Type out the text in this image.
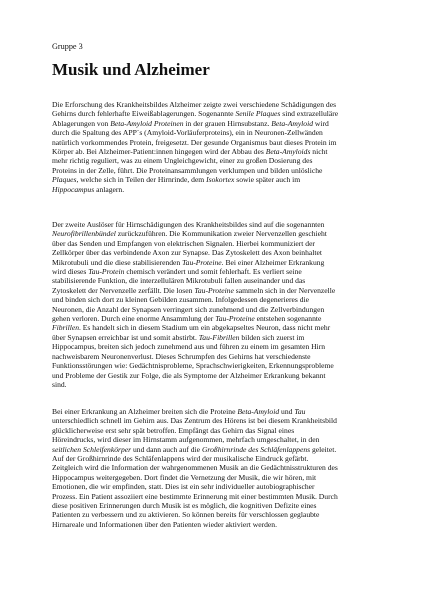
Gruppe 3
Musik und Alzheimer

Die Erforschung des Krankheitsbildes Alzheimer zeigte zwei verschiedene Schädigungen des
Gehirns durch fehlerhafte Eiweißablagerungen. Sogenannte Senile Plaques sind extrazelluläre
Ablagerungen von Beta-Amyloid Proteinen in der grauen Hirnsubstanz. Beta-Amyloid wird
durch die Spaltung des APP´s (Amyloid-Vorläuferproteins), ein in Neuronen-Zellwänden
natürlich vorkommendes Protein, freigesetzt. Der gesunde Organismus baut dieses Protein im
Körper ab. Bei Alzheimer-Patient:innen hingegen wird der Abbau des Beta-Amyloids nicht
mehr richtig reguliert, was zu einem Ungleichgewicht, einer zu großen Dosierung des
Proteins in der Zelle, führt. Die Proteinansammlungen verklumpen und bilden unlösliche
Plaques, welche sich in Teilen der Hirnrinde, dem Isokortex sowie später auch im
Hippocampus anlagern.

Der zweite Auslöser für Hirnschädigungen des Krankheitsbildes sind auf die sogenannten
Neurofibrillenbündel zurückzuführen. Die Kommunikation zweier Nervenzellen geschieht
über das Senden und Empfangen von elektrischen Signalen. Hierbei kommuniziert der
Zellkörper über das verbindende Axon zur Synapse. Das Zytoskelett des Axon beinhaltet
Mikrotubuli und die diese stabilisierenden Tau-Proteine. Bei einer Alzheimer Erkrankung
wird dieses Tau-Protein chemisch verändert und somit fehlerhaft. Es verliert seine
stabilisierende Funktion, die interzellulären Mikrotubuli fallen auseinander und das
Zytoskelett der Nervenzelle zerfällt. Die losen Tau-Proteine sammeln sich in der Nervenzelle
und binden sich dort zu kleinen Gebilden zusammen. Infolgedessen degenerieres die
Neuronen, die Anzahl der Synapsen verringert sich zunehmend und die Zellverbindungen
gehen verloren. Durch eine enorme Ansammlung der Tau-Proteine entstehen sogenannte
Fibrillen. Es handelt sich in diesem Stadium um ein abgekapseltes Neuron, dass nicht mehr
über Synapsen erreichbar ist und somit abstirbt. Tau-Fibrillen bilden sich zuerst im
Hippocampus, breiten sich jedoch zunehmend aus und führen zu einem im gesamten Hirn
nachweisbarem Neuronenverlust. Dieses Schrumpfen des Gehirns hat verschiedenste
Funktionsstörungen wie: Gedächtnisprobleme, Sprachschwierigkeiten, Erkennungsprobleme
und Probleme der Gestik zur Folge, die als Symptome der Alzheimer Erkrankung bekannt
sind.

Bei einer Erkrankung an Alzheimer breiten sich die Proteine Beta-Amyloid und Tau
unterschiedlich schnell im Gehirn aus. Das Zentrum des Hörens ist bei diesem Krankheitsbild
glücklicherweise erst sehr spät betroffen. Empfängt das Gehirn das Signal eines
Höreindrucks, wird dieser im Hirnstamm aufgenommen, mehrfach umgeschaltet, in den
seitlichen Schleifenkörper und dann auch auf die Großhirnrinde des Schläfenlappens geleitet.
Auf der Großhirnrinde des Schläfenlappens wird der musikalische Eindruck gefärbt.
Zeitgleich wird die Information der wahrgenommenen Musik an die Gedächtnisstrukturen des
Hippocampus weitergegeben. Dort findet die Vernetzung der Musik, die wir hören, mit
Emotionen, die wir empfinden, statt. Dies ist ein sehr individueller autobiographischer
Prozess. Ein Patient assoziiert eine bestimmte Erinnerung mit einer bestimmten Musik. Durch
diese positiven Erinnerungen durch Musik ist es möglich, die kognitiven Defizite eines
Patienten zu verbessern und zu aktivieren. So können bereits für verschlossen geglaubte
Hirnareale und Informationen über den Patienten wieder aktiviert werden.
